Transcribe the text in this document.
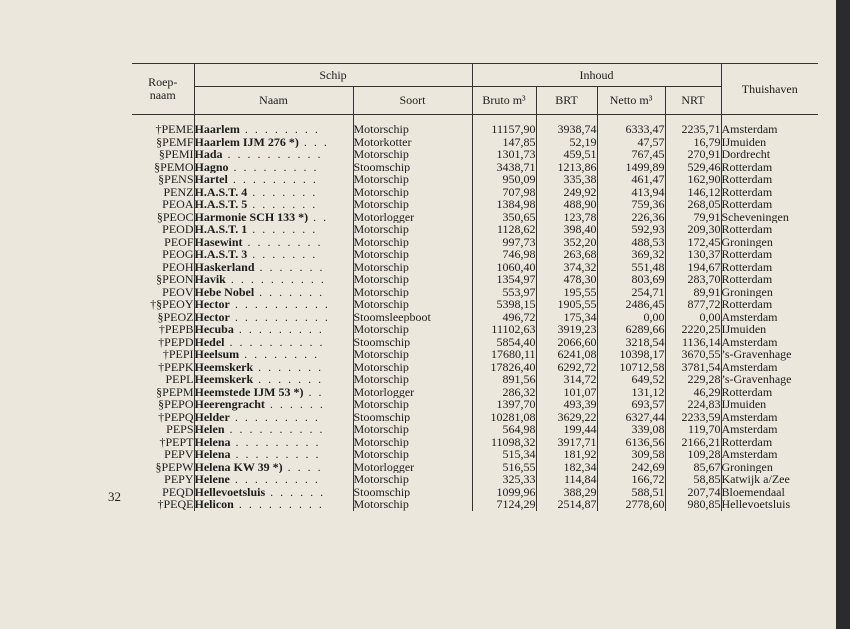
32
Roep-
naam	Schip		Inhoud				Thuishaven
	Naam	Soort	Bruto m³	BRT	Netto m³	NRT	
†PEME	Haarlem . . . . . . . .	Motorschip	11157,90	3938,74	6333,47	2235,71	Amsterdam
§PEMF	Haarlem IJM 276 *) . . .	Motorkotter	147,85	52,19	47,57	16,79	IJmuiden
§PEMI	Hada . . . . . . . . . .	Motorschip	1301,73	459,51	767,45	270,91	Dordrecht
§PEMO	Hagno . . . . . . . . .	Stoomschip	3438,71	1213,86	1499,89	529,46	Rotterdam
§PENS	Hartel . . . . . . . . .	Motorschip	950,09	335,38	461,47	162,90	Rotterdam
PENZ	H.A.S.T. 4 . . . . . . .	Motorschip	707,98	249,92	413,94	146,12	Rotterdam
PEOA	H.A.S.T. 5 . . . . . . .	Motorschip	1384,98	488,90	759,36	268,05	Rotterdam
§PEOC	Harmonie SCH 133 *) . .	Motorlogger	350,65	123,78	226,36	79,91	Scheveningen
PEOD	H.A.S.T. 1 . . . . . . .	Motorschip	1128,62	398,40	592,93	209,30	Rotterdam
PEOF	Hasewint . . . . . . . .	Motorschip	997,73	352,20	488,53	172,45	Groningen
PEOG	H.A.S.T. 3 . . . . . . .	Motorschip	746,98	263,68	369,32	130,37	Rotterdam
PEOH	Haskerland . . . . . . .	Motorschip	1060,40	374,32	551,48	194,67	Rotterdam
§PEON	Havik . . . . . . . . . .	Motorschip	1354,97	478,30	803,69	283,70	Rotterdam
PEOV	Hebe Nobel . . . . . . .	Motorschip	553,97	195,55	254,71	89,91	Groningen
†§PEOY	Hector . . . . . . . . . .	Motorschip	5398,15	1905,55	2486,45	877,72	Rotterdam
§PEOZ	Hector . . . . . . . . . .	Stoomsleepboot	496,72	175,34	0,00	0,00	Amsterdam
†PEPB	Hecuba . . . . . . . . .	Motorschip	11102,63	3919,23	6289,66	2220,25	IJmuiden
†PEPD	Hedel . . . . . . . . . .	Stoomschip	5854,40	2066,60	3218,54	1136,14	Amsterdam
†PEPI	Heelsum . . . . . . . .	Motorschip	17680,11	6241,08	10398,17	3670,55	’s-Gravenhage
†PEPK	Heemskerk . . . . . . .	Motorschip	17826,40	6292,72	10712,58	3781,54	Amsterdam
PEPL	Heemskerk . . . . . . .	Motorschip	891,56	314,72	649,52	229,28	’s-Gravenhage
§PEPM	Heemstede IJM 53 *) . .	Motorlogger	286,32	101,07	131,12	46,29	Rotterdam
§PEPO	Heerengracht . . . . . .	Motorschip	1397,70	493,39	693,57	224,83	IJmuiden
†PEPQ	Helder . . . . . . . . .	Stoomschip	10281,08	3629,22	6327,44	2233,59	Amsterdam
PEPS	Helen . . . . . . . . . .	Motorschip	564,98	199,44	339,08	119,70	Amsterdam
†PEPT	Helena . . . . . . . . .	Motorschip	11098,32	3917,71	6136,56	2166,21	Rotterdam
PEPV	Helena . . . . . . . . .	Motorschip	515,34	181,92	309,58	109,28	Amsterdam
§PEPW	Helena KW 39 *) . . . .	Motorlogger	516,55	182,34	242,69	85,67	Groningen
PEPY	Helene . . . . . . . . .	Motorschip	325,33	114,84	166,72	58,85	Katwijk a/Zee
PEQD	Hellevoetsluis . . . . . .	Stoomschip	1099,96	388,29	588,51	207,74	Bloemendaal
†PEQE	Helicon . . . . . . . . .	Motorschip	7124,29	2514,87	2778,60	980,85	Hellevoetsluis
